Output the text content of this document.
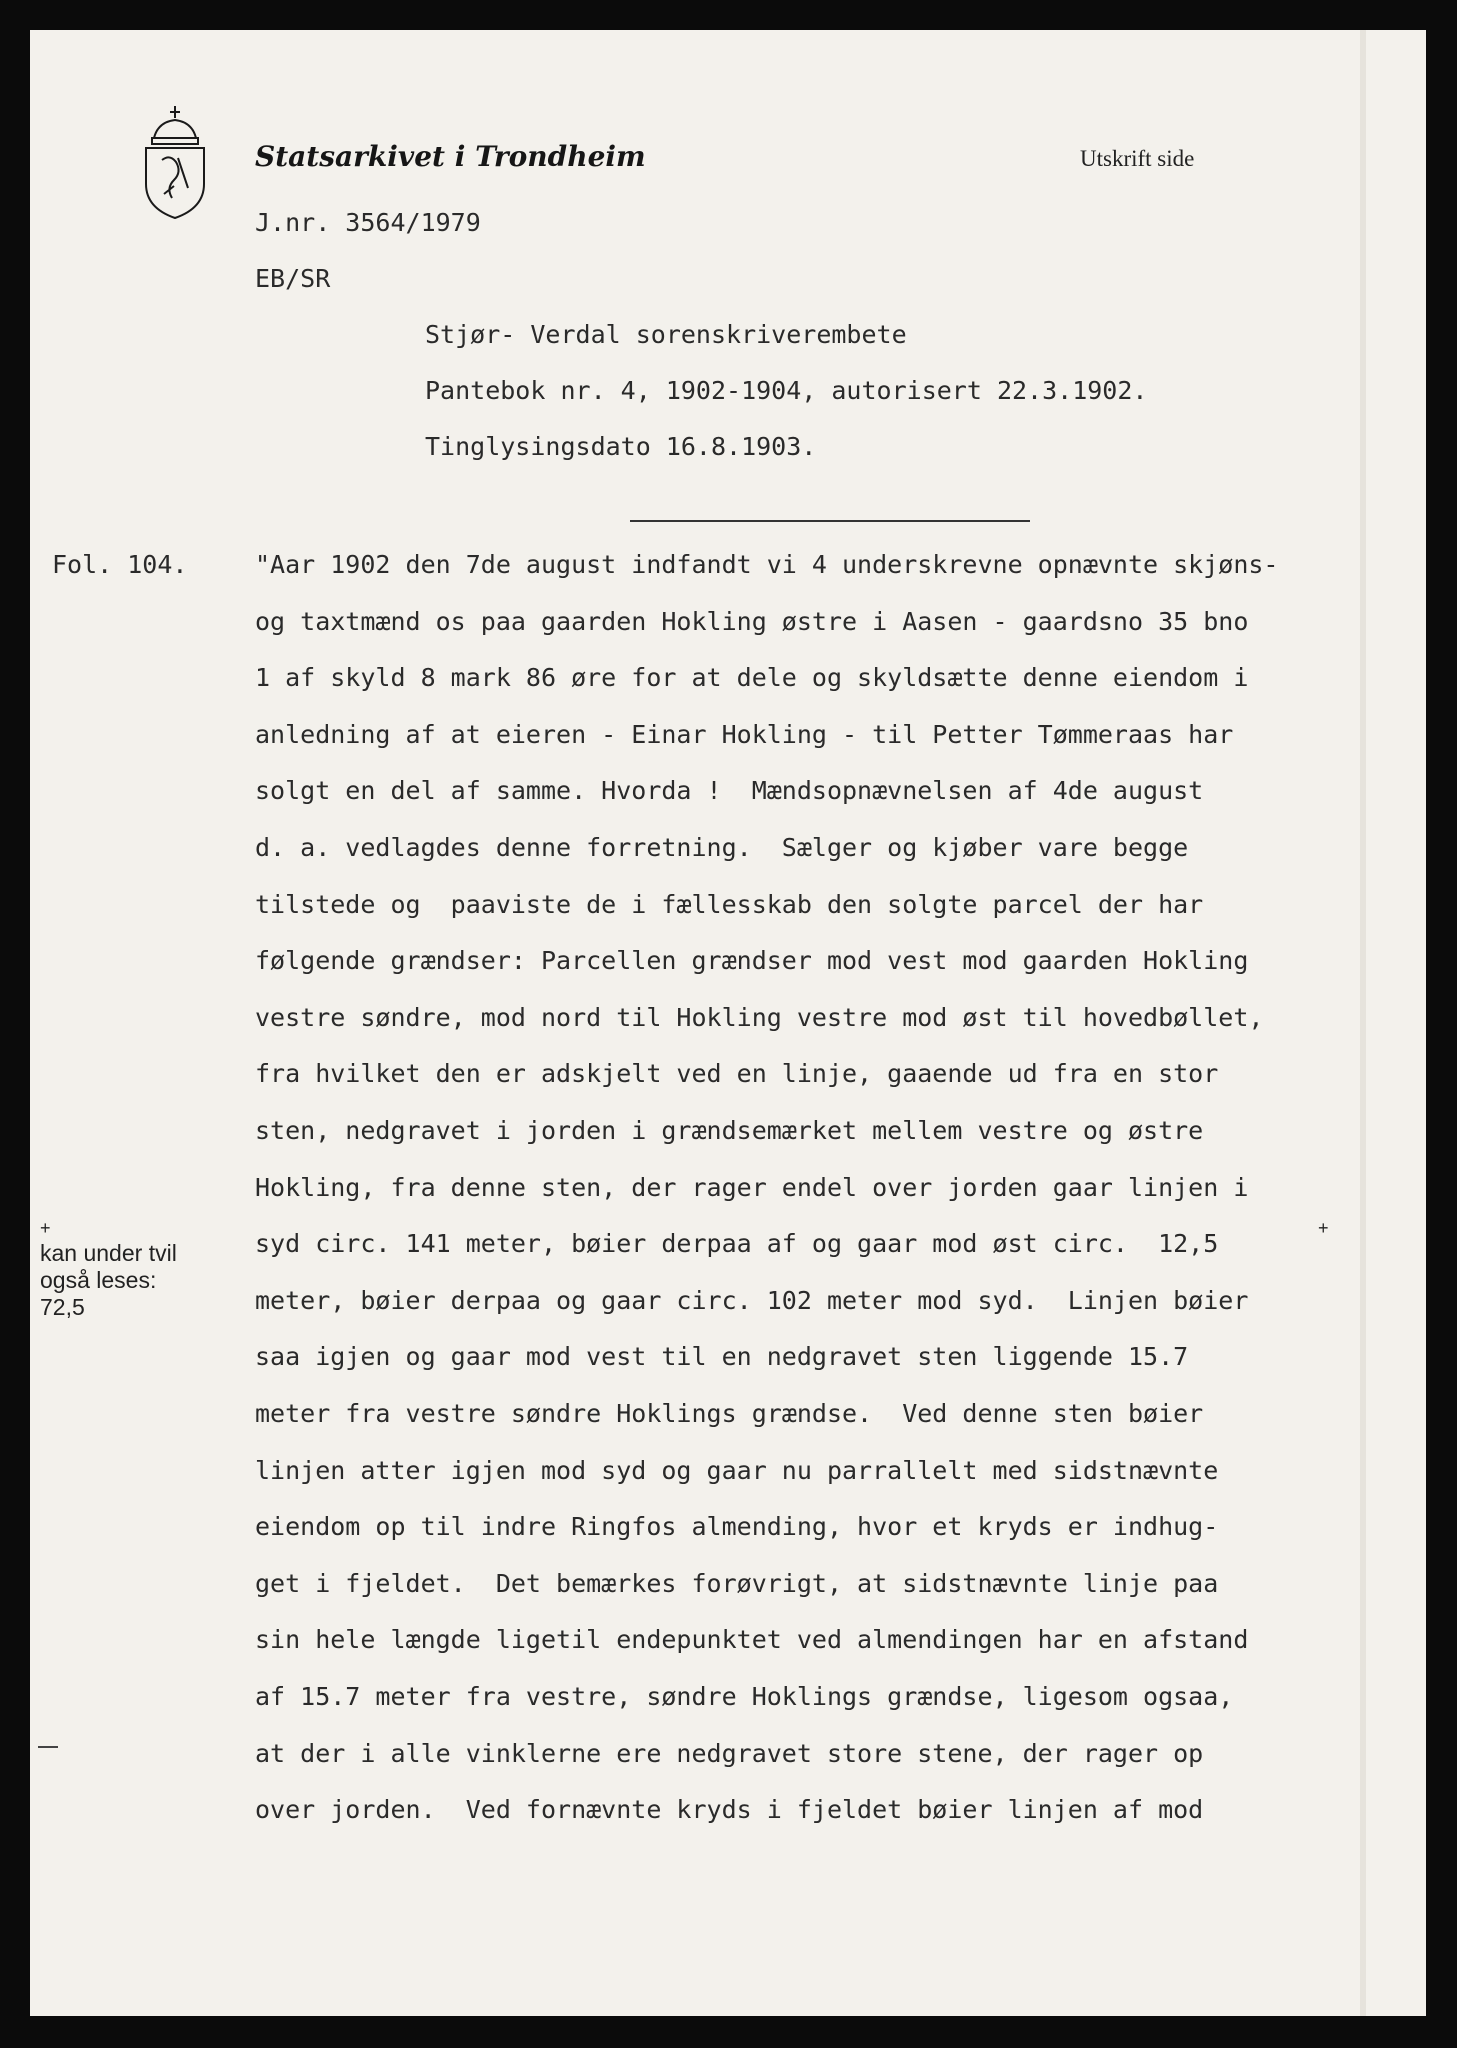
Statsarkivet i Trondheim	Utskrift side
J.nr. 3564/1979
EB/SR
Stjør- Verdal sorenskriverembete
Pantebok nr. 4, 1902-1904, autorisert 22.3.1902.
Tinglysingsdato 16.8.1903.
Fol. 104.	"Aar 1902 den 7de august indfandt vi 4 underskrevne opnævnte skjøns-
og taxtmænd os paa gaarden Hokling østre i Aasen - gaardsno 35 bno
1 af skyld 8 mark 86 øre for at dele og skyldsætte denne eiendom i
anledning af at eieren - Einar Hokling - til Petter Tømmeraas har
solgt en del af samme. Hvorda !  Mændsopnævnelsen af 4de august
d. a. vedlagdes denne forretning.  Sælger og kjøber vare begge
tilstede og  paaviste de i fællesskab den solgte parcel der har
følgende grændser: Parcellen grændser mod vest mod gaarden Hokling
vestre søndre, mod nord til Hokling vestre mod øst til hovedbøllet,
fra hvilket den er adskjelt ved en linje, gaaende ud fra en stor
sten, nedgravet i jorden i grændsemærket mellem vestre og østre
Hokling, fra denne sten, der rager endel over jorden gaar linjen i
syd circ. 141 meter, bøier derpaa af og gaar mod øst circ.  12,5
meter, bøier derpaa og gaar circ. 102 meter mod syd.  Linjen bøier
saa igjen og gaar mod vest til en nedgravet sten liggende 15.7
meter fra vestre søndre Hoklings grændse.  Ved denne sten bøier
linjen atter igjen mod syd og gaar nu parrallelt med sidstnævnte
eiendom op til indre Ringfos almending, hvor et kryds er indhug-
get i fjeldet.  Det bemærkes forøvrigt, at sidstnævnte linje paa
sin hele længde ligetil endepunktet ved almendingen har en afstand
af 15.7 meter fra vestre, søndre Hoklings grændse, ligesom ogsaa,
at der i alle vinklerne ere nedgravet store stene, der rager op
over jorden.  Ved fornævnte kryds i fjeldet bøier linjen af mod
+
kan under tvil også leses: 72,5
+
